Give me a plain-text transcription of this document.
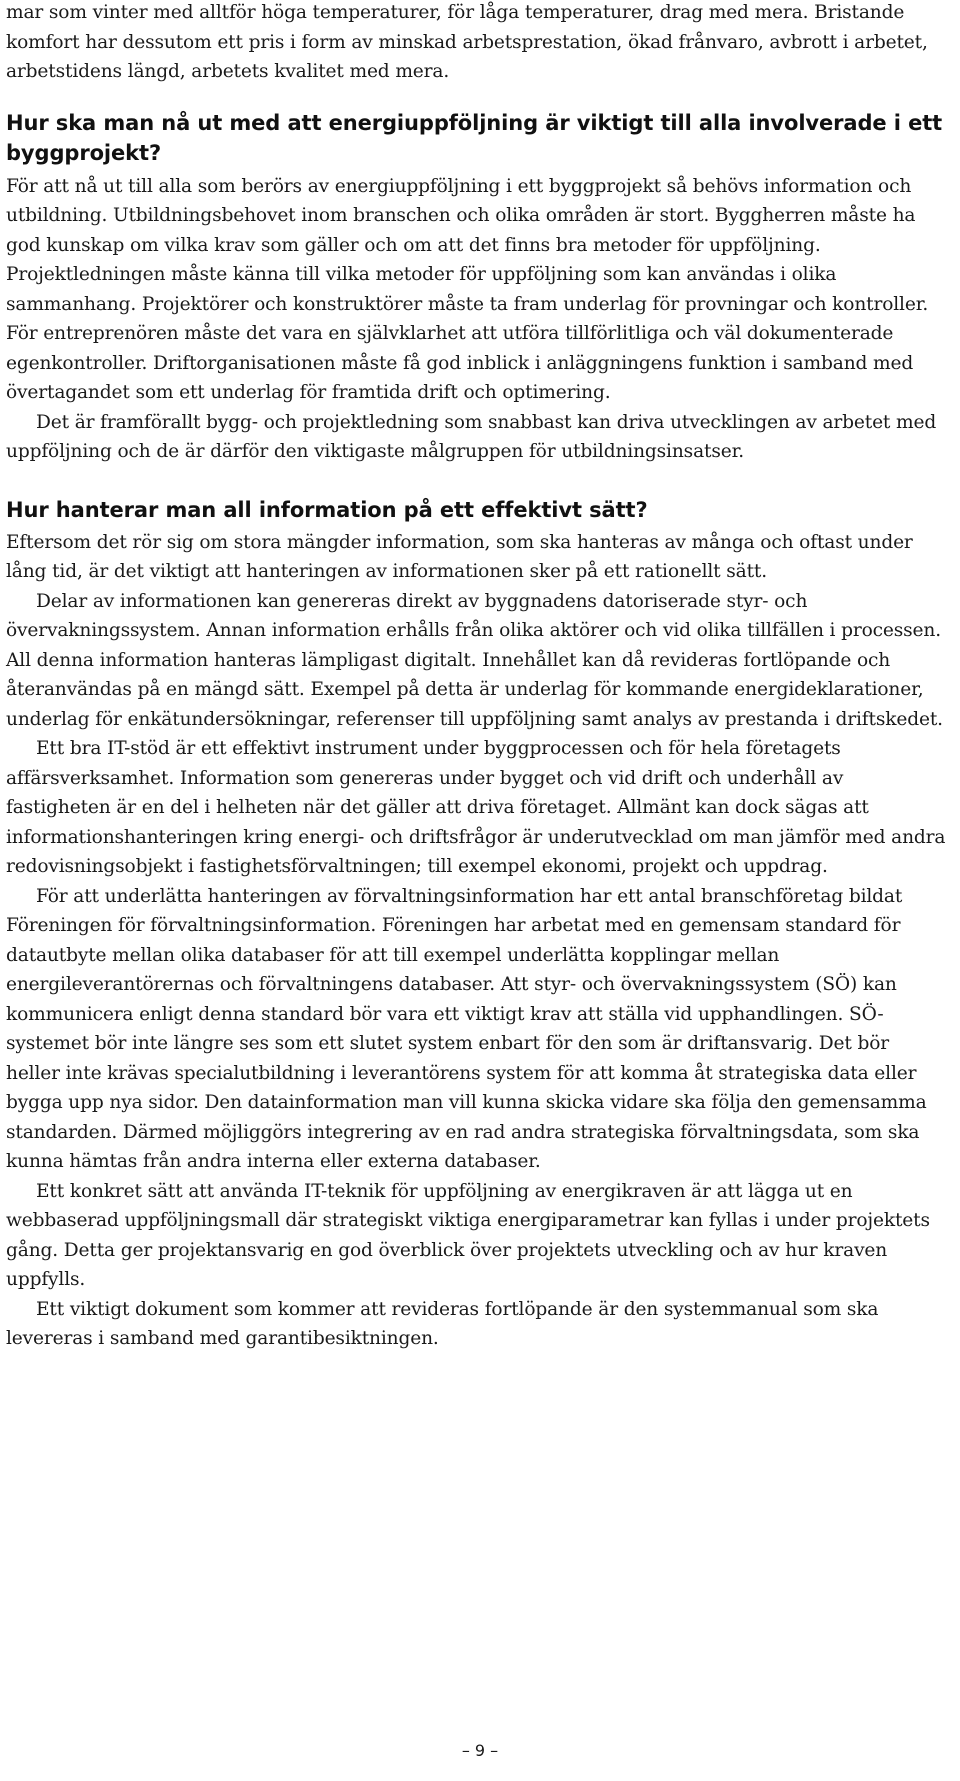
mar som vinter med alltför höga temperaturer, för låga temperaturer, drag med mera. Bristande komfort har dessutom ett pris i form av minskad arbetsprestation, ökad frånvaro, avbrott i arbetet, arbetstidens längd, arbetets kvalitet med mera.

Hur ska man nå ut med att energiuppföljning är viktigt till alla involverade i ett byggprojekt?

För att nå ut till alla som berörs av energiuppföljning i ett byggprojekt så behövs information och utbildning. Utbildningsbehovet inom branschen och olika områden är stort. Byggherren måste ha god kunskap om vilka krav som gäller och om att det finns bra metoder för uppföljning. Projektledningen måste känna till vilka metoder för uppföljning som kan användas i olika sammanhang. Projektörer och konstruktörer måste ta fram underlag för provningar och kontroller. För entreprenören måste det vara en självklarhet att utföra tillförlitliga och väl dokumenterade egenkontroller. Driftorganisationen måste få god inblick i anläggningens funktion i samband med övertagandet som ett underlag för framtida drift och optimering.

Det är framförallt bygg- och projektledning som snabbast kan driva utvecklingen av arbetet med uppföljning och de är därför den viktigaste målgruppen för utbildningsinsatser.

Hur hanterar man all information på ett effektivt sätt?

Eftersom det rör sig om stora mängder information, som ska hanteras av många och oftast under lång tid, är det viktigt att hanteringen av informationen sker på ett rationellt sätt.

Delar av informationen kan genereras direkt av byggnadens datoriserade styr- och övervakningssystem. Annan information erhålls från olika aktörer och vid olika tillfällen i processen. All denna information hanteras lämpligast digitalt. Innehållet kan då revideras fortlöpande och återanvändas på en mängd sätt. Exempel på detta är underlag för kommande energideklarationer, underlag för enkätundersökningar, referenser till uppföljning samt analys av prestanda i driftskedet.

Ett bra IT-stöd är ett effektivt instrument under byggprocessen och för hela företagets affärsverksamhet. Information som genereras under bygget och vid drift och underhåll av fastigheten är en del i helheten när det gäller att driva företaget. Allmänt kan dock sägas att informationshanteringen kring energi- och driftsfrågor är underutvecklad om man jämför med andra redovisningsobjekt i fastighetsförvaltningen; till exempel ekonomi, projekt och uppdrag.

För att underlätta hanteringen av förvaltningsinformation har ett antal branschföretag bildat Föreningen för förvaltningsinformation. Föreningen har arbetat med en gemensam standard för datautbyte mellan olika databaser för att till exempel underlätta kopplingar mellan energileverantörernas och förvaltningens databaser. Att styr- och övervakningssystem (SÖ) kan kommunicera enligt denna standard bör vara ett viktigt krav att ställa vid upphandlingen. SÖ-systemet bör inte längre ses som ett slutet system enbart för den som är driftansvarig. Det bör heller inte krävas specialutbildning i leverantörens system för att komma åt strategiska data eller bygga upp nya sidor. Den datainformation man vill kunna skicka vidare ska följa den gemensamma standarden. Därmed möjliggörs integrering av en rad andra strategiska förvaltningsdata, som ska kunna hämtas från andra interna eller externa databaser.

Ett konkret sätt att använda IT-teknik för uppföljning av energikraven är att lägga ut en webbaserad uppföljningsmall där strategiskt viktiga energiparametrar kan fyllas i under projektets gång. Detta ger projektansvarig en god överblick över projektets utveckling och av hur kraven uppfylls.

Ett viktigt dokument som kommer att revideras fortlöpande är den systemmanual som ska levereras i samband med garantibesiktningen.

– 9 –
